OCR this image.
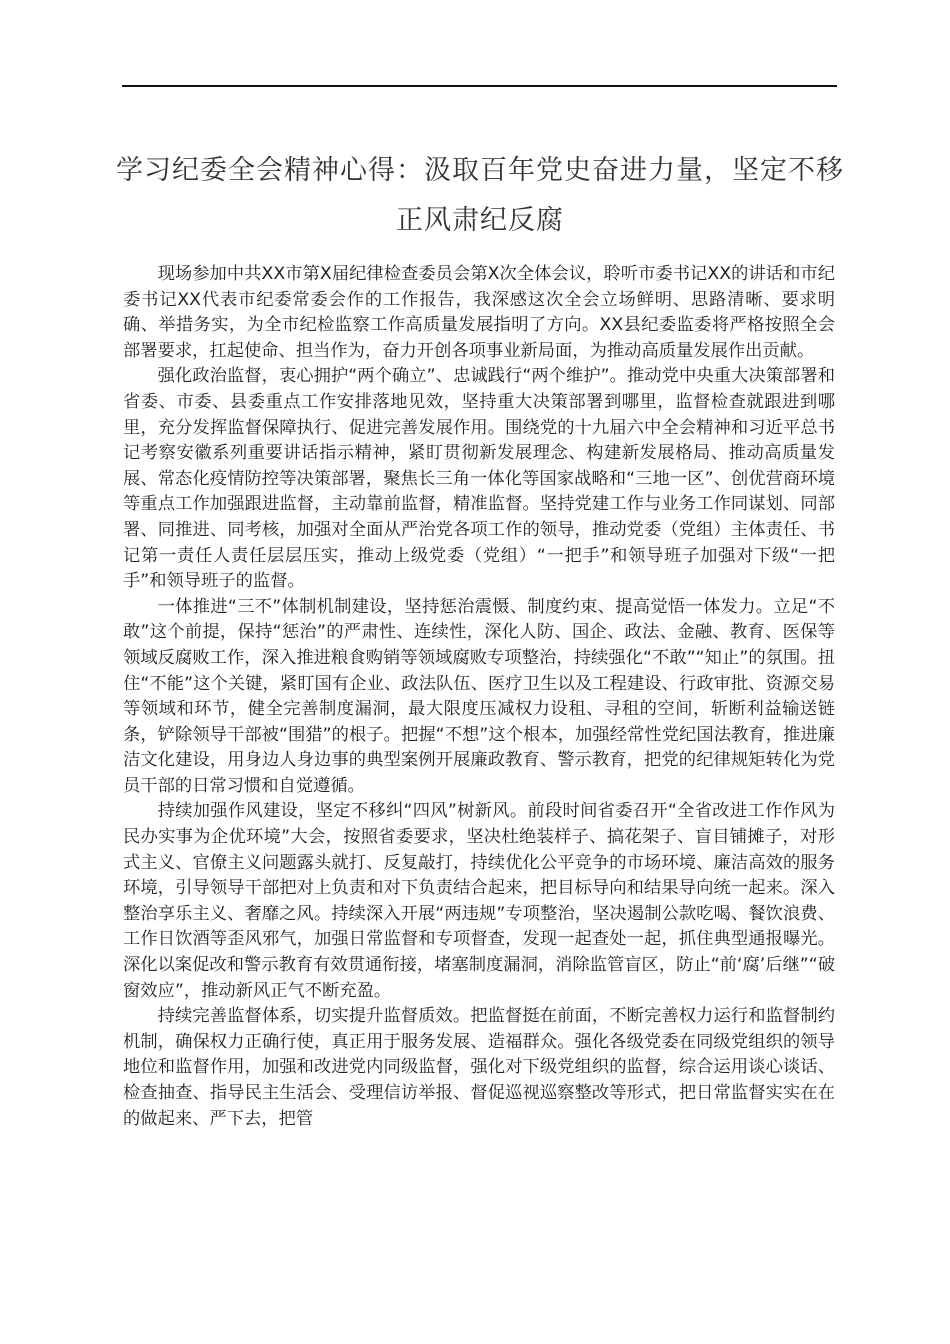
学习纪委全会精神心得：汲取百年党史奋进力量，坚定不移正风肃纪反腐

现场参加中共XX市第X届纪律检查委员会第X次全体会议，聆听市委书记XX的讲话和市纪委书记XX代表市纪委常委会作的工作报告，我深感这次全会立场鲜明、思路清晰、要求明确、举措务实，为全市纪检监察工作高质量发展指明了方向。XX县纪委监委将严格按照全会部署要求，扛起使命、担当作为，奋力开创各项事业新局面，为推动高质量发展作出贡献。

强化政治监督，衷心拥护“两个确立”、忠诚践行“两个维护”。推动党中央重大决策部署和省委、市委、县委重点工作安排落地见效，坚持重大决策部署到哪里，监督检查就跟进到哪里，充分发挥监督保障执行、促进完善发展作用。围绕党的十九届六中全会精神和习近平总书记考察安徽系列重要讲话指示精神，紧盯贯彻新发展理念、构建新发展格局、推动高质量发展、常态化疫情防控等决策部署，聚焦长三角一体化等国家战略和“三地一区”、创优营商环境等重点工作加强跟进监督，主动靠前监督，精准监督。坚持党建工作与业务工作同谋划、同部署、同推进、同考核，加强对全面从严治党各项工作的领导，推动党委（党组）主体责任、书记第一责任人责任层层压实，推动上级党委（党组）“一把手”和领导班子加强对下级“一把手”和领导班子的监督。

一体推进“三不”体制机制建设，坚持惩治震慑、制度约束、提高觉悟一体发力。立足“不敢”这个前提，保持“惩治”的严肃性、连续性，深化人防、国企、政法、金融、教育、医保等领域反腐败工作，深入推进粮食购销等领域腐败专项整治，持续强化“不敢”“知止”的氛围。扭住“不能”这个关键，紧盯国有企业、政法队伍、医疗卫生以及工程建设、行政审批、资源交易等领域和环节，健全完善制度漏洞，最大限度压减权力设租、寻租的空间，斩断利益输送链条，铲除领导干部被“围猎”的根子。把握“不想”这个根本，加强经常性党纪国法教育，推进廉洁文化建设，用身边人身边事的典型案例开展廉政教育、警示教育，把党的纪律规矩转化为党员干部的日常习惯和自觉遵循。

持续加强作风建设，坚定不移纠“四风”树新风。前段时间省委召开“全省改进工作作风为民办实事为企优环境”大会，按照省委要求，坚决杜绝装样子、搞花架子、盲目铺摊子，对形式主义、官僚主义问题露头就打、反复敲打，持续优化公平竞争的市场环境、廉洁高效的服务环境，引导领导干部把对上负责和对下负责结合起来，把目标导向和结果导向统一起来。深入整治享乐主义、奢靡之风。持续深入开展“两违规”专项整治，坚决遏制公款吃喝、餐饮浪费、工作日饮酒等歪风邪气，加强日常监督和专项督查，发现一起查处一起，抓住典型通报曝光。深化以案促改和警示教育有效贯通衔接，堵塞制度漏洞，消除监管盲区，防止“前‘腐’后继”“破窗效应”，推动新风正气不断充盈。

持续完善监督体系，切实提升监督质效。把监督挺在前面，不断完善权力运行和监督制约机制，确保权力正确行使，真正用于服务发展、造福群众。强化各级党委在同级党组织的领导地位和监督作用，加强和改进党内同级监督，强化对下级党组织的监督，综合运用谈心谈话、检查抽查、指导民主生活会、受理信访举报、督促巡视巡察整改等形式，把日常监督实实在在的做起来、严下去，把管
